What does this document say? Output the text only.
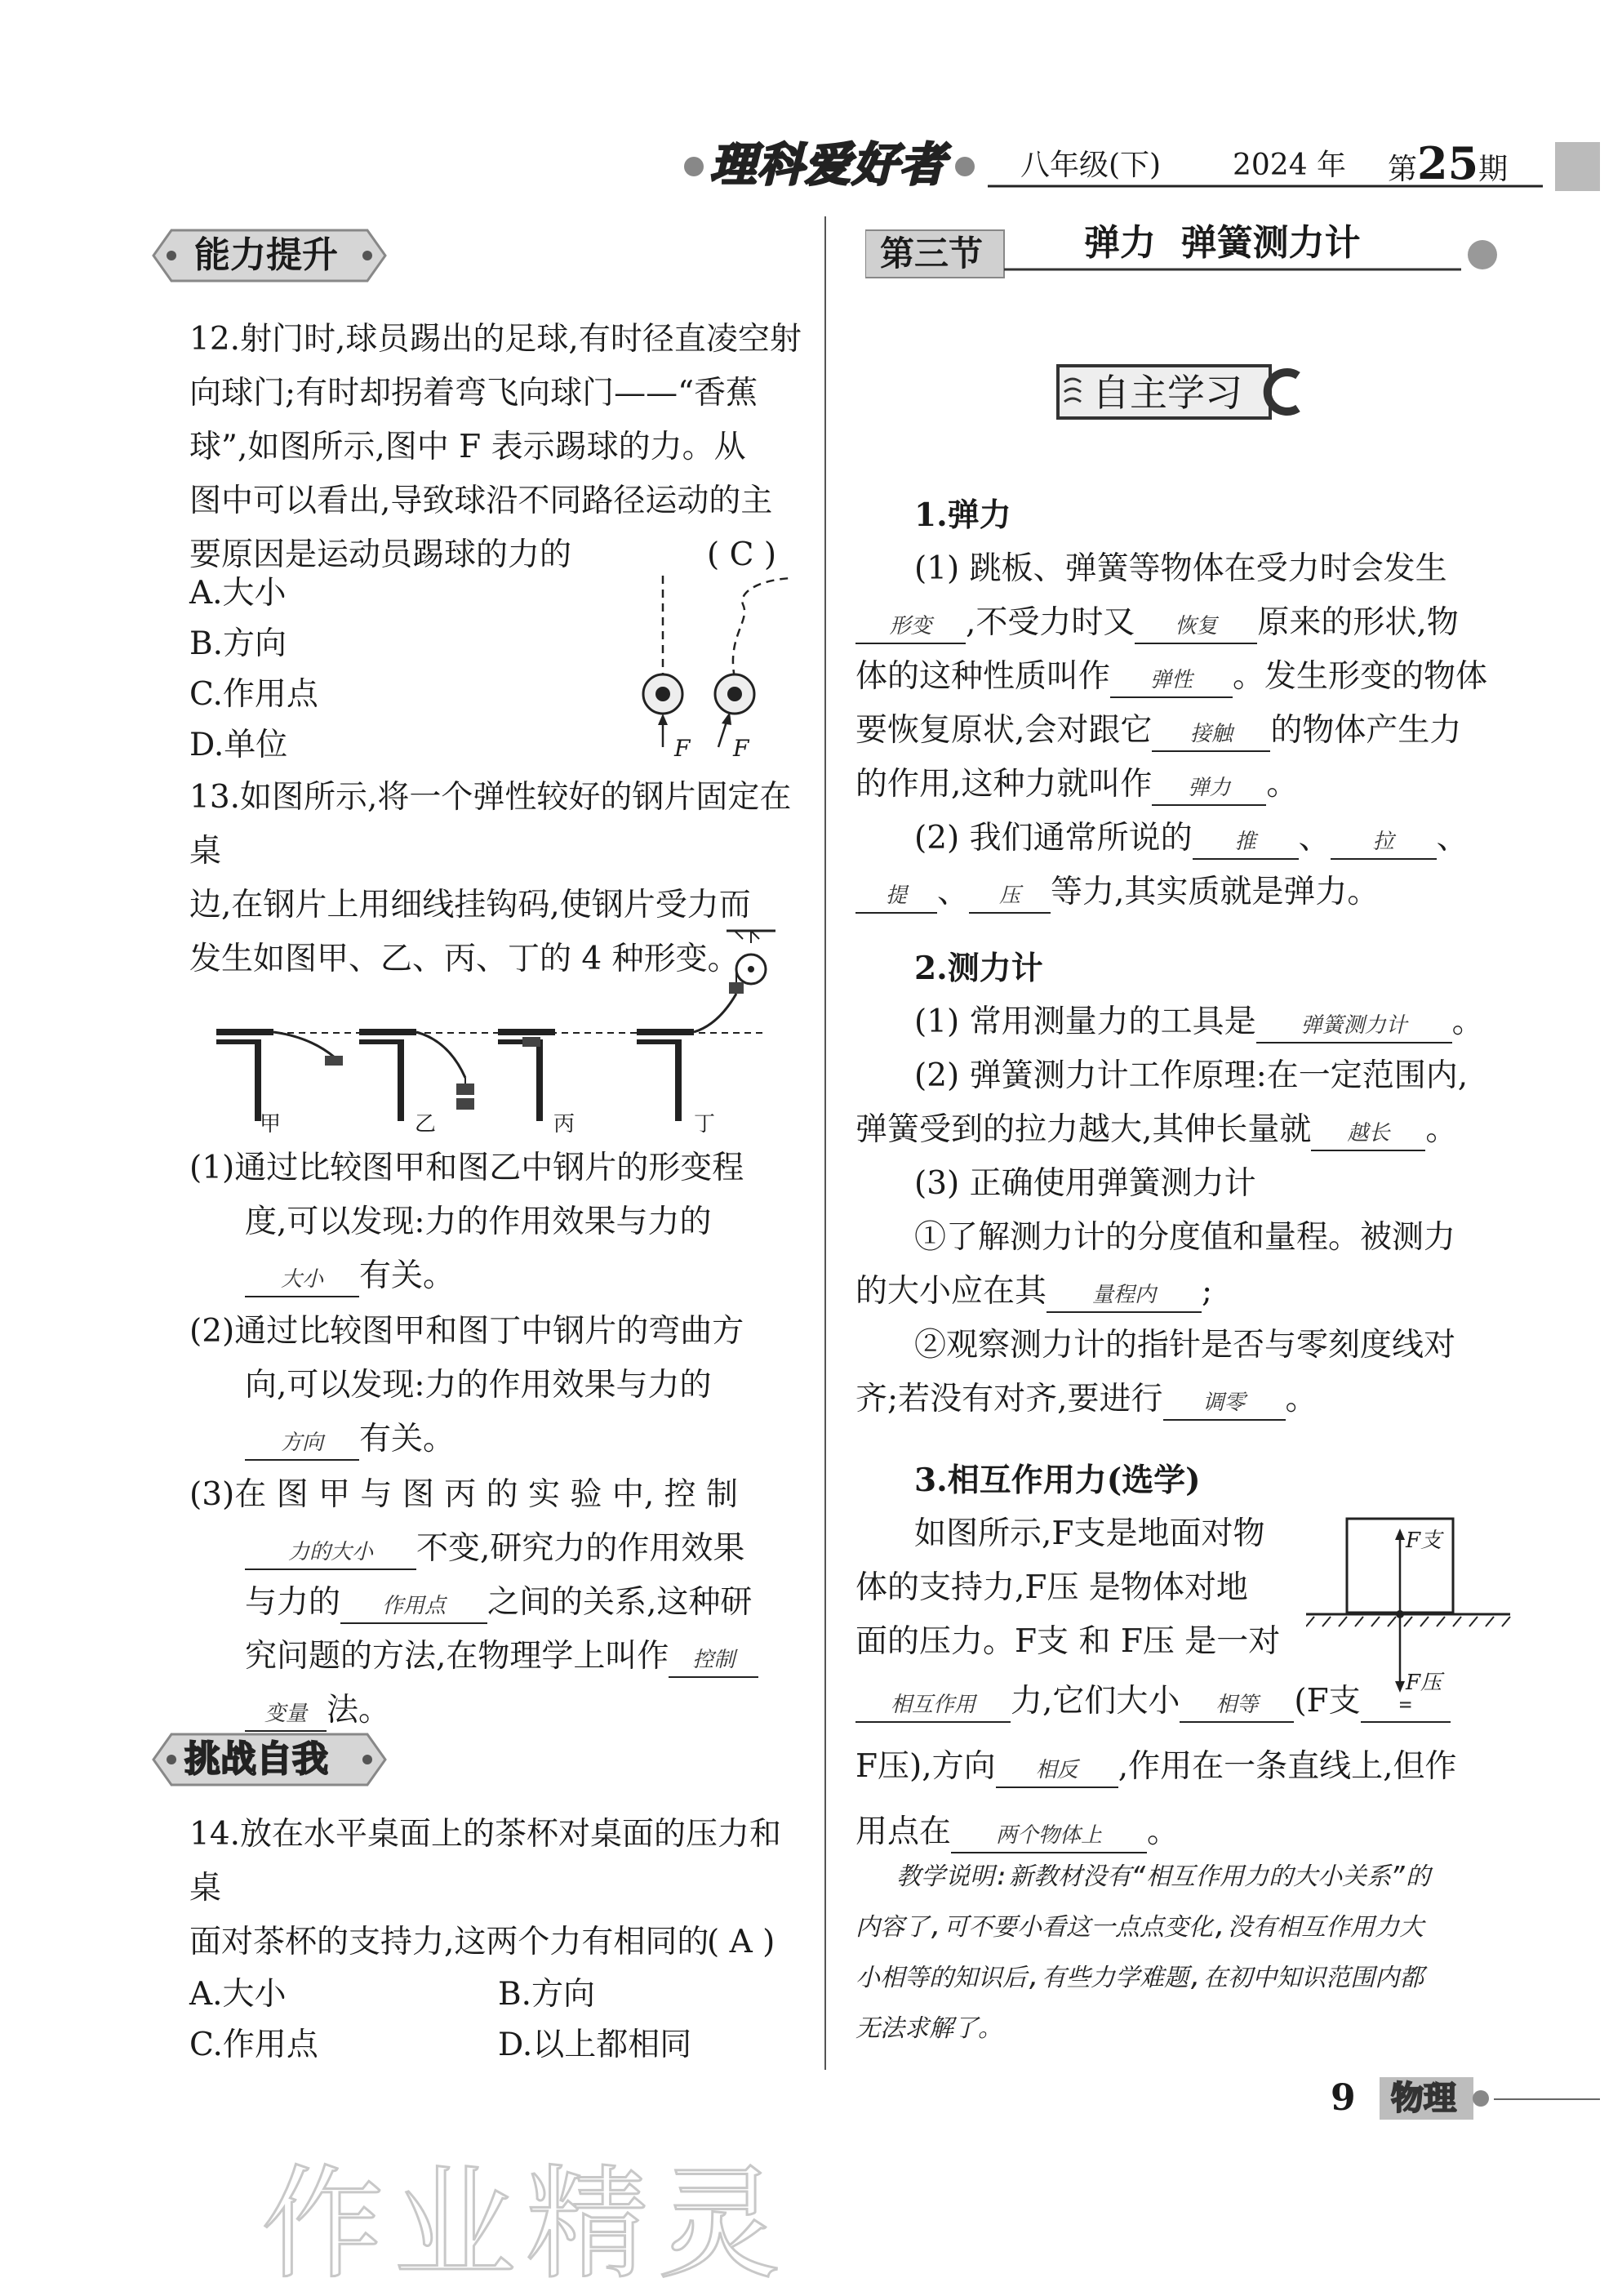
理科爱好者	八年级(下) 2024 年 第25期
能力提升
12.射门时,球员踢出的足球,有时径直凌空射
向球门;有时却拐着弯飞向球门——“香蕉
球”,如图所示,图中 F 表示踢球的力。从
图中可以看出,导致球沿不同路径运动的主
要原因是运动员踢球的力的	( C )
A.大小
B.方向
C.作用点
D.单位	F F
13.如图所示,将一个弹性较好的钢片固定在桌
边,在钢片上用细线挂钩码,使钢片受力而
发生如图甲、乙、丙、丁的 4 种形变。
甲	乙	丙	丁
(1)通过比较图甲和图乙中钢片的形变程
度,可以发现:力的作用效果与力的
大小 有关。
(2)通过比较图甲和图丁中钢片的弯曲方
向,可以发现:力的作用效果与力的
方向 有关。
(3)在 图 甲 与 图 丙 的 实 验 中, 控 制
力的大小 不变,研究力的作用效果
与力的 作用点 之间的关系,这种研
究问题的方法,在物理学上叫作 控制
变量 法。
挑战自我
14.放在水平桌面上的茶杯对桌面的压力和桌
面对茶杯的支持力,这两个力有相同的
( A )
A.大小	B.方向
C.作用点	D.以上都相同
第三节	弹力  弹簧测力计
自主学习
1.弹力
(1) 跳板、弹簧等物体在受力时会发生
形变 ,不受力时又 恢复 原来的形状,物
体的这种性质叫作 弹性 。发生形变的物体
要恢复原状,会对跟它 接触 的物体产生力
的作用,这种力就叫作 弹力 。
(2) 我们通常所说的 推 、 拉 、
提 、 压 等力,其实质就是弹力。
2.测力计
(1) 常用测量力的工具是 弹簧测力计 。
(2) 弹簧测力计工作原理:在一定范围内,
弹簧受到的拉力越大,其伸长量就 越长 。
(3) 正确使用弹簧测力计
①了解测力计的分度值和量程。被测力
的大小应在其 量程内 ;
②观察测力计的指针是否与零刻度线对
齐;若没有对齐,要进行 调零 。
3.相互作用力(选学)
如图所示,F支是地面对物
体的支持力,F压 是物体对地
面的压力。F支 和 F压 是一对
相互作用 力,它们大小 相等 (F支 =
F压),方向 相反 ,作用在一条直线上,但作
用点在 两个物体上 。
F支
F压
教学说明:新教材没有“相互作用力的大小关系”的
内容了,可不要小看这一点点变化,没有相互作用力大
小相等的知识后,有些力学难题,在初中知识范围内都
无法求解了。
9 物理
作业精灵
